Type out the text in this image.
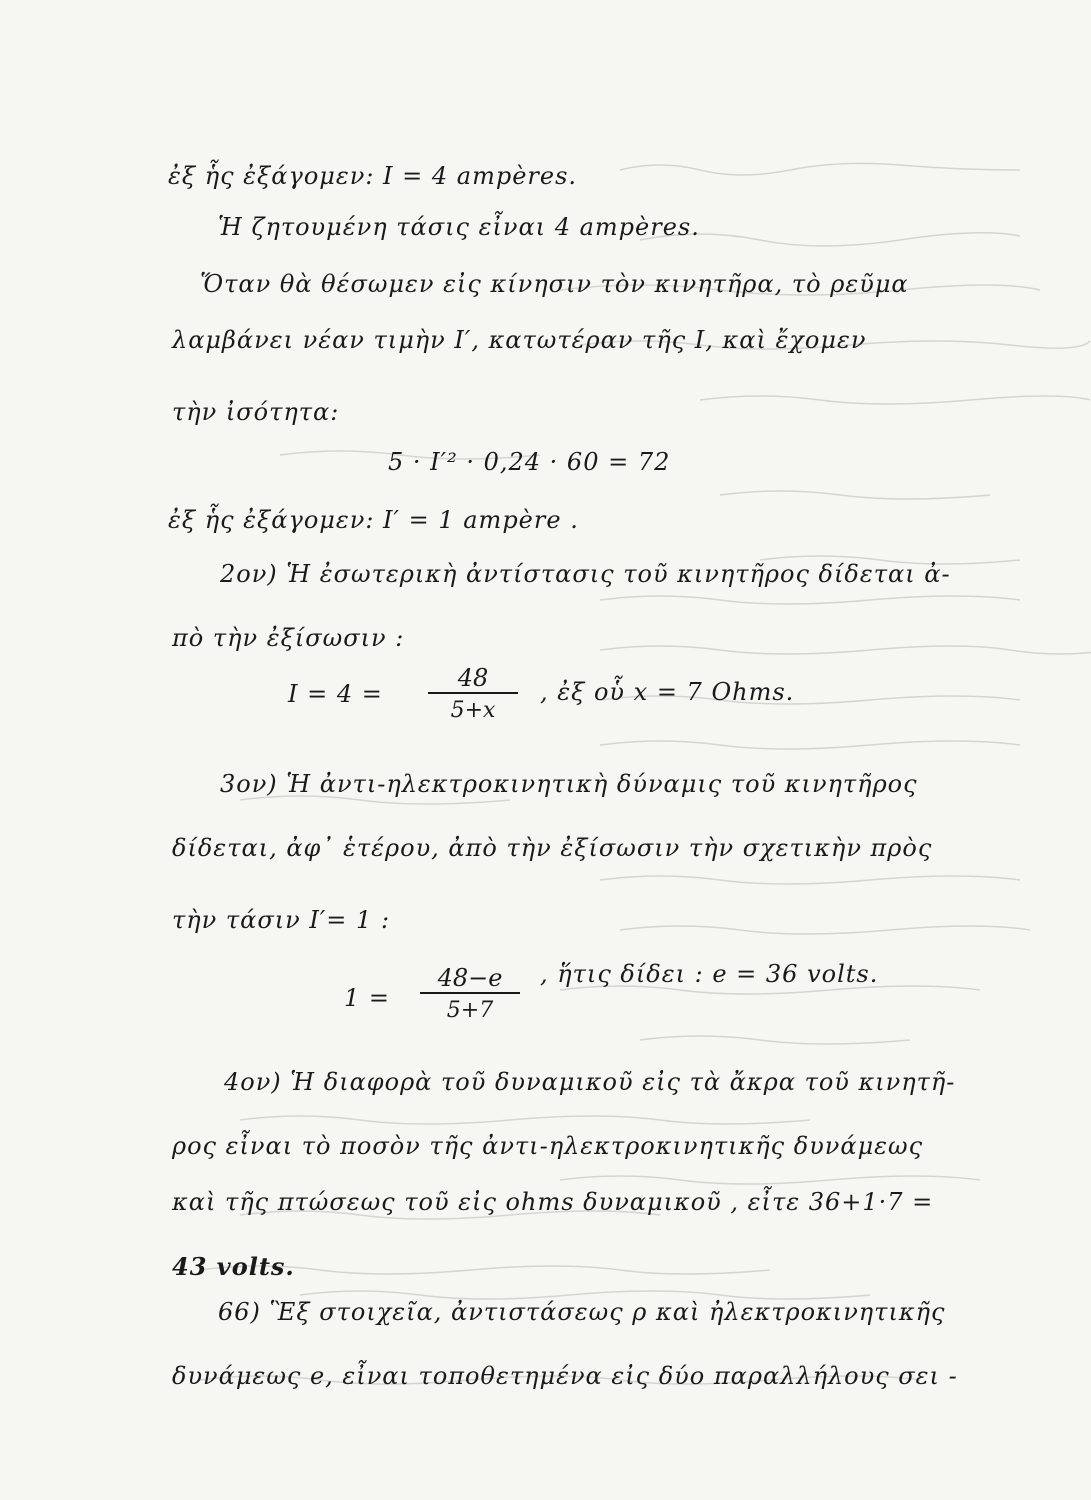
ἐξ ἧς ἐξάγομεν: I = 4 ampères.
Ἡ ζητουμένη τάσις εἶναι 4 ampères.
Ὅταν θὰ θέσωμεν εἰς κίνησιν τὸν κινητῆρα, τὸ ρεῦμα
λαμβάνει νέαν τιμὴν I′, κατωτέραν τῆς I, καὶ ἔχομεν
τὴν ἰσότητα:
5 · I′² · 0,24 · 60 = 72
ἐξ ἧς ἐξάγομεν: I′ = 1 ampère .
2ον) Ἡ ἐσωτερικὴ ἀντίστασις τοῦ κινητῆρος δίδεται ἀ-
πὸ τὴν ἐξίσωσιν :
$I = 4 = \frac{48}{5+x}$ , ἐξ οὗ x = 7 Ohms.
3ον) Ἡ ἀντι-ηλεκτροκινητικὴ δύναμις τοῦ κινητῆρος
δίδεται, ἀφ᾽ ἑτέρου, ἀπὸ τὴν ἐξίσωσιν τὴν σχετικὴν πρὸς
τὴν τάσιν I′= 1 :
$1 = \frac{48-e}{5+7}$ , ἥτις δίδει : e = 36 volts.
4ον) Ἡ διαφορὰ τοῦ δυναμικοῦ εἰς τὰ ἄκρα τοῦ κινητῆ-
ρος εἶναι τὸ ποσὸν τῆς ἀντι-ηλεκτροκινητικῆς δυνάμεως
καὶ τῆς πτώσεως τοῦ εἰς ohms δυναμικοῦ , εἶτε 36+1·7 =
43 volts.
66) Ἓξ στοιχεῖα, ἀντιστάσεως ρ καὶ ἠλεκτροκινητικῆς
δυνάμεως e, εἶναι τοποθετημένα εἰς δύο παραλλήλους σει -
